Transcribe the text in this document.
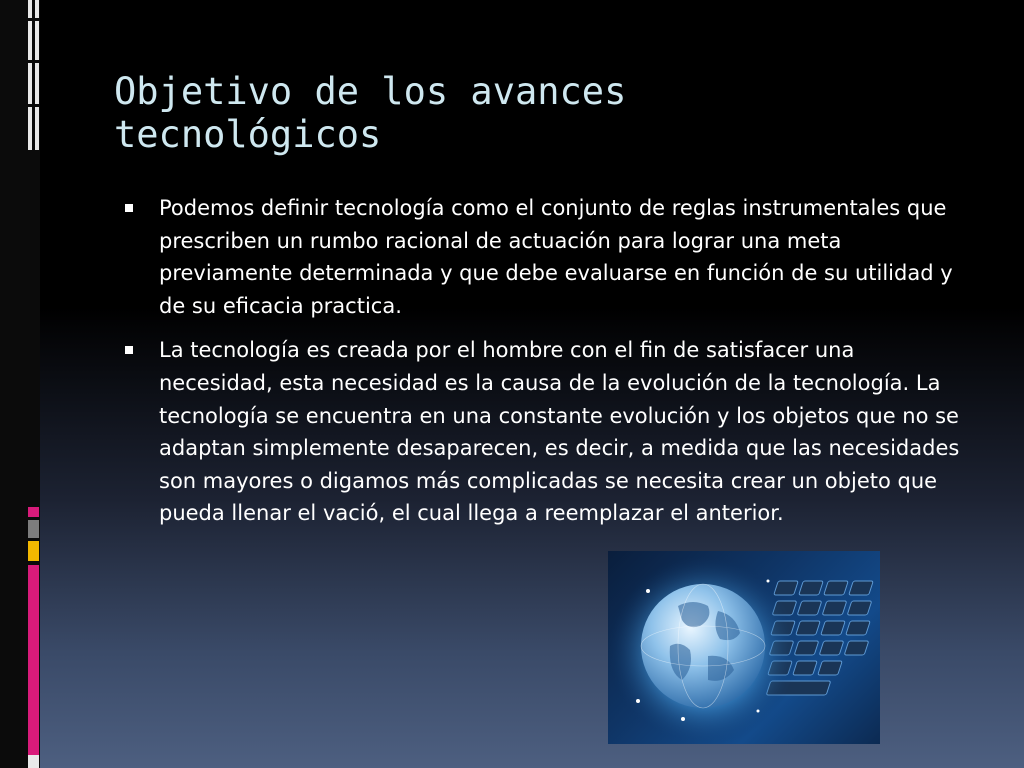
Objetivo de los avances
tecnológicos
Podemos definir tecnología como el conjunto de reglas instrumentales que prescriben un rumbo racional de actuación para lograr una meta previamente determinada y que debe evaluarse en función de su utilidad y de su eficacia practica.
La tecnología es creada por el hombre con el fin de satisfacer una necesidad, esta necesidad es la causa de la evolución de la tecnología. La tecnología se encuentra en una constante evolución y los objetos que no se adaptan simplemente desaparecen, es decir, a medida que las necesidades son mayores o digamos más complicadas se necesita crear un objeto que pueda llenar el vació, el cual llega a reemplazar el anterior.
